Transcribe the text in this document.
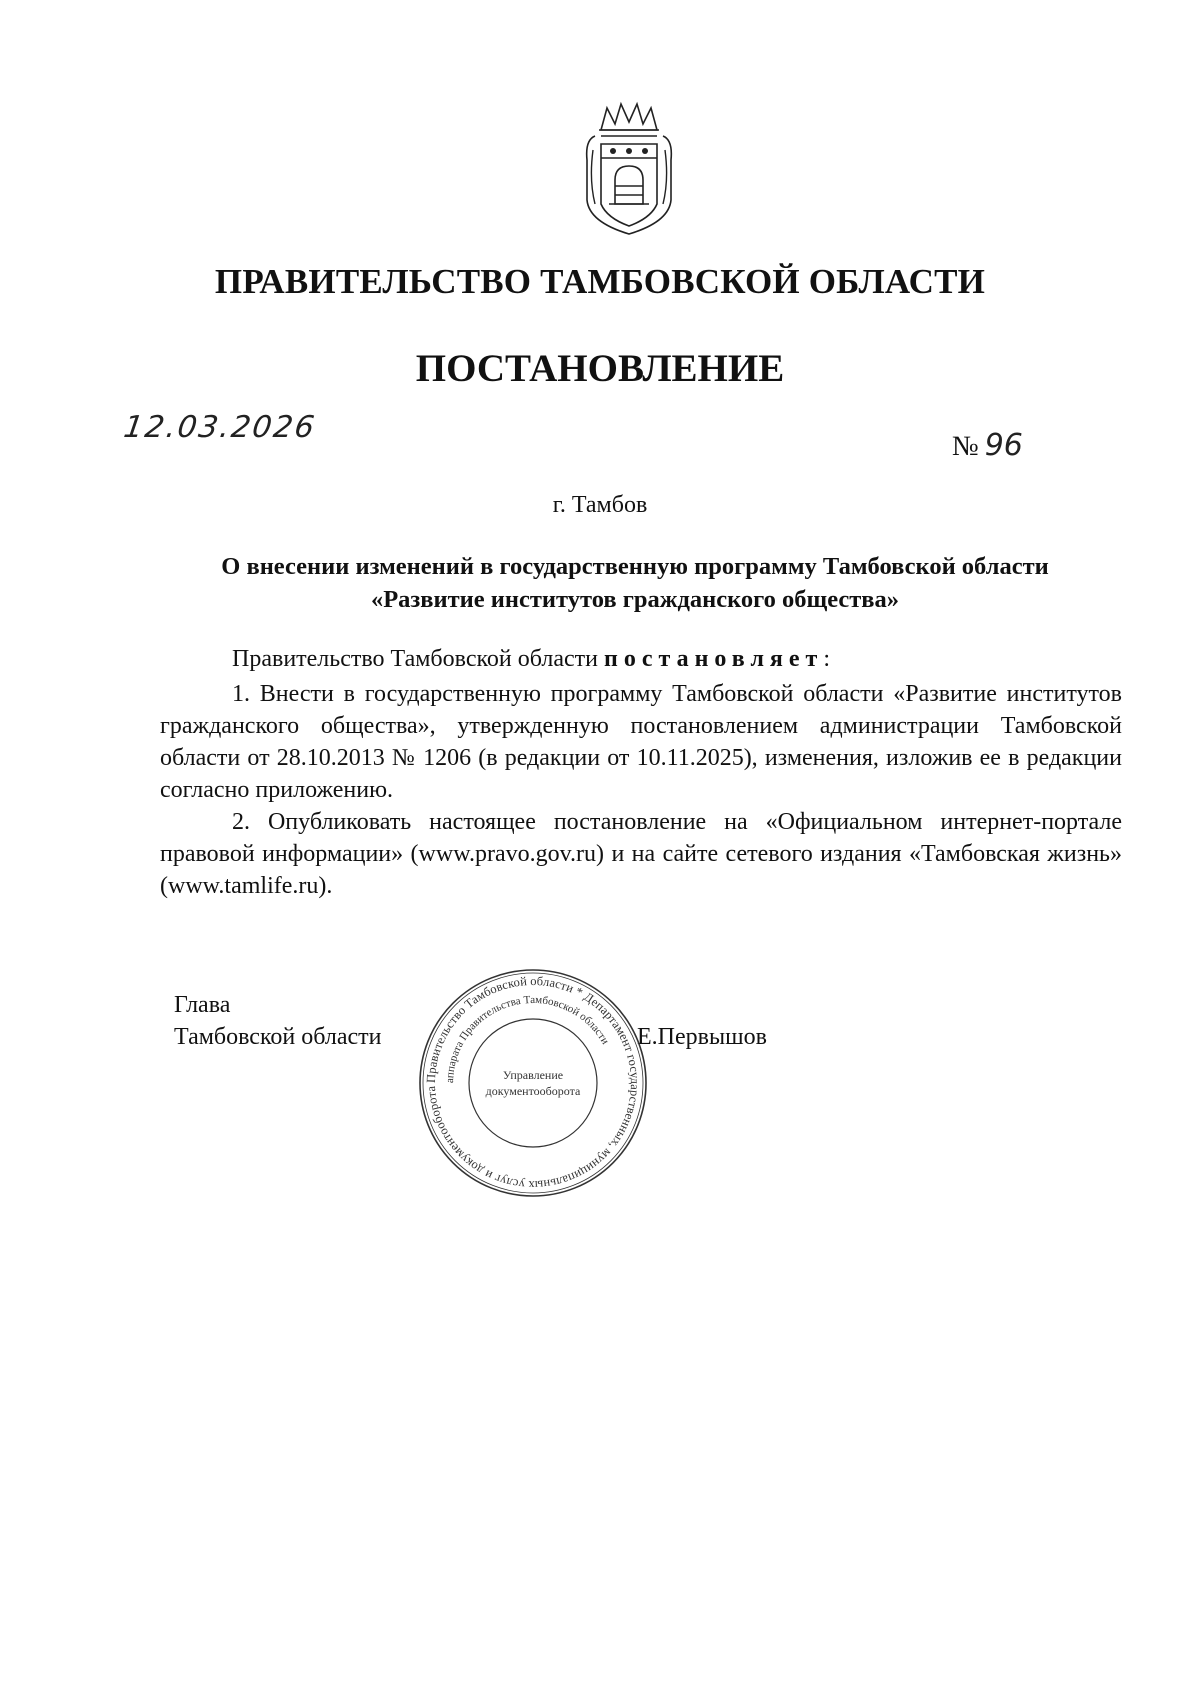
ПРАВИТЕЛЬСТВО ТАМБОВСКОЙ ОБЛАСТИ
ПОСТАНОВЛЕНИЕ
12.03.2026
№ 96
г. Тамбов
О внесении изменений в государственную программу Тамбовской области
«Развитие институтов гражданского общества»
Правительство Тамбовской области постановляет:

1. Внести в государственную программу Тамбовской области «Развитие институтов гражданского общества», утвержденную постановлением администрации Тамбовской области от 28.10.2013 № 1206 (в редакции от 10.11.2025), изменения, изложив ее в редакции согласно приложению.

2. Опубликовать настоящее постановление на «Официальном интернет-портале правовой информации» (www.pravo.gov.ru) и на сайте сетевого издания «Тамбовская жизнь» (www.tamlife.ru).

Глава
Тамбовской области	Е.Первышов
Правительство Тамбовской области * Департамент государственных, муниципальных услуг и документооборота
аппарата Правительства Тамбовской области
Управление
документооборота
